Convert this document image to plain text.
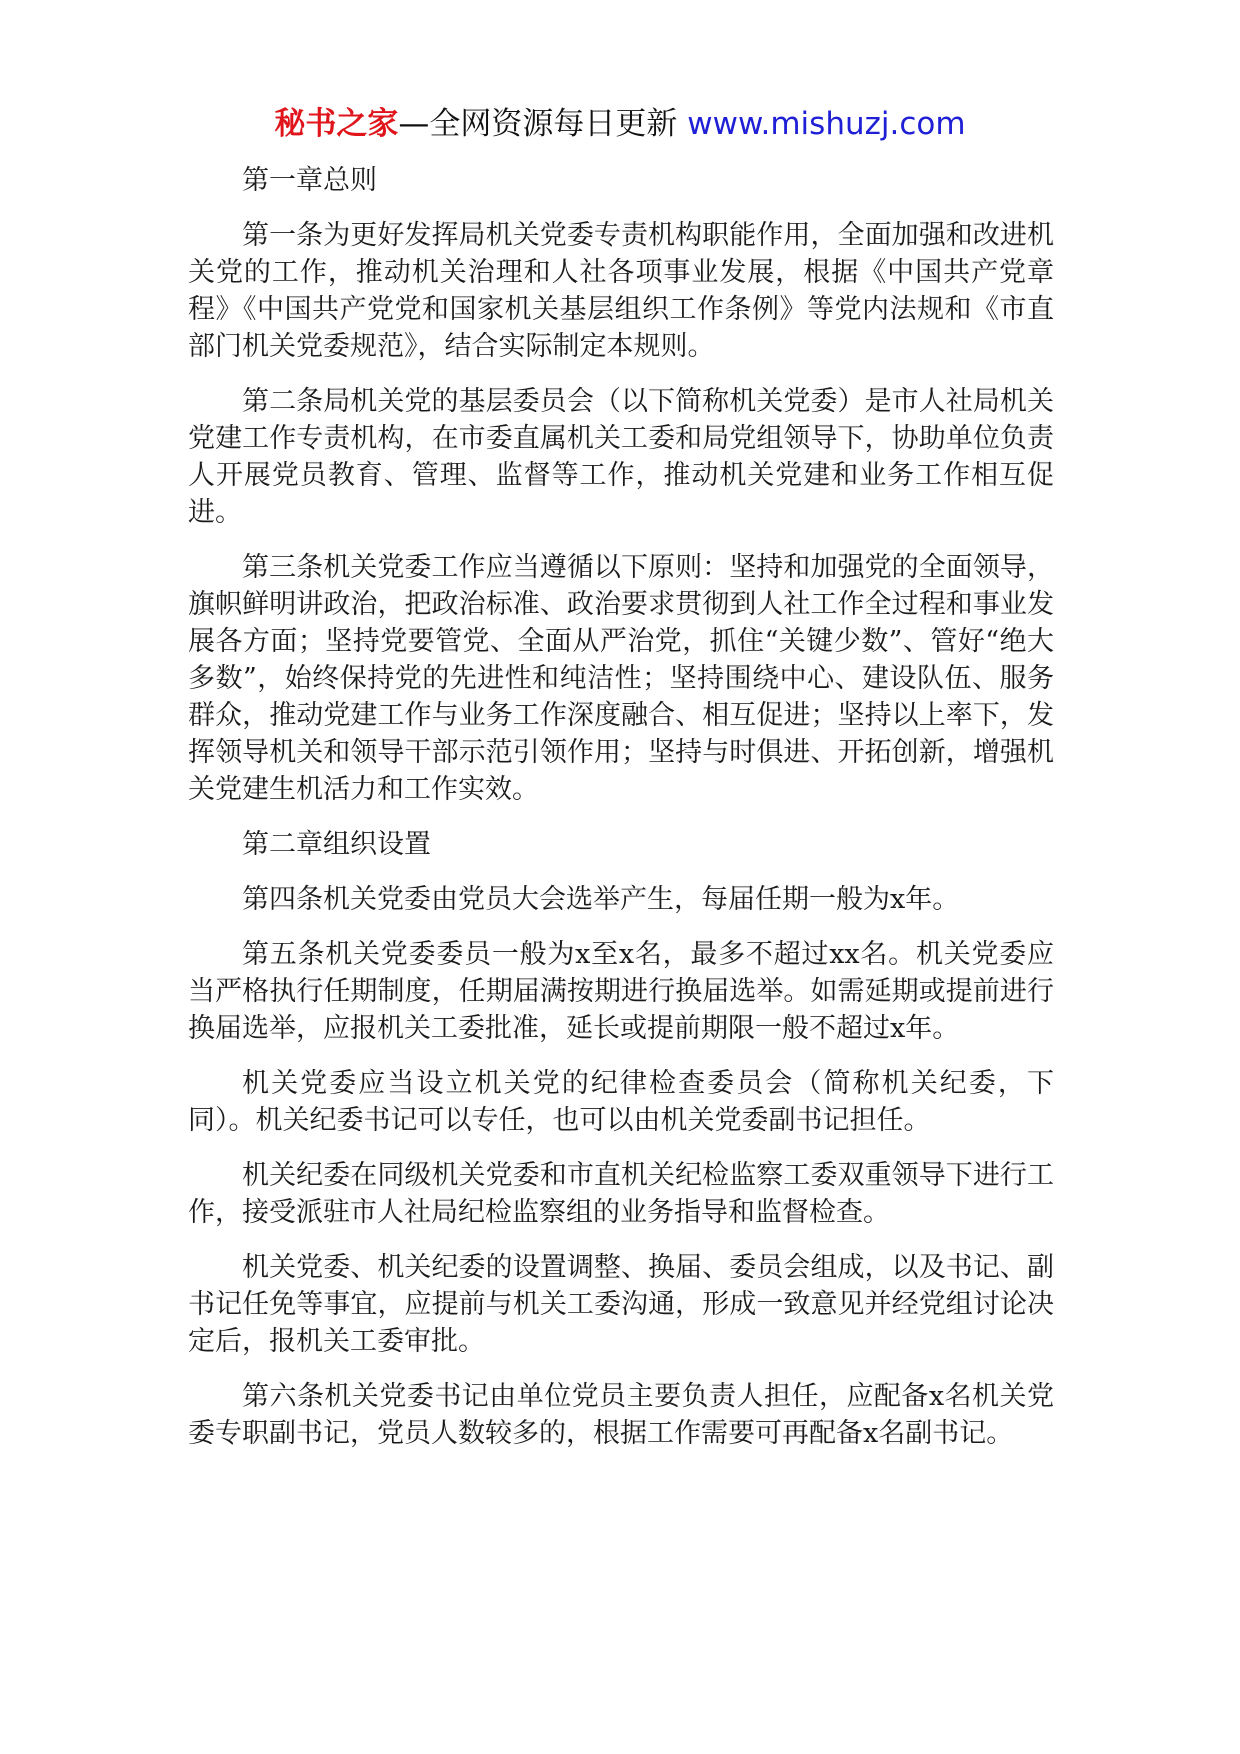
秘书之家—全网资源每日更新 www.mishuzj.com

第一章总则

第一条为更好发挥局机关党委专责机构职能作用，全面加强和改进机关党的工作，推动机关治理和人社各项事业发展，根据《中国共产党章程》《中国共产党党和国家机关基层组织工作条例》等党内法规和《市直部门机关党委规范》，结合实际制定本规则。

第二条局机关党的基层委员会（以下简称机关党委）是市人社局机关党建工作专责机构，在市委直属机关工委和局党组领导下，协助单位负责人开展党员教育、管理、监督等工作，推动机关党建和业务工作相互促进。

第三条机关党委工作应当遵循以下原则：坚持和加强党的全面领导，旗帜鲜明讲政治，把政治标准、政治要求贯彻到人社工作全过程和事业发展各方面；坚持党要管党、全面从严治党，抓住“关键少数”、管好“绝大多数”，始终保持党的先进性和纯洁性；坚持围绕中心、建设队伍、服务群众，推动党建工作与业务工作深度融合、相互促进；坚持以上率下，发挥领导机关和领导干部示范引领作用；坚持与时俱进、开拓创新，增强机关党建生机活力和工作实效。

第二章组织设置

第四条机关党委由党员大会选举产生，每届任期一般为x年。

第五条机关党委委员一般为x至x名，最多不超过xx名。机关党委应当严格执行任期制度，任期届满按期进行换届选举。如需延期或提前进行换届选举，应报机关工委批准，延长或提前期限一般不超过x年。

机关党委应当设立机关党的纪律检查委员会（简称机关纪委，下同）。机关纪委书记可以专任，也可以由机关党委副书记担任。

机关纪委在同级机关党委和市直机关纪检监察工委双重领导下进行工作，接受派驻市人社局纪检监察组的业务指导和监督检查。

机关党委、机关纪委的设置调整、换届、委员会组成，以及书记、副书记任免等事宜，应提前与机关工委沟通，形成一致意见并经党组讨论决定后，报机关工委审批。

第六条机关党委书记由单位党员主要负责人担任，应配备x名机关党委专职副书记，党员人数较多的，根据工作需要可再配备x名副书记。
